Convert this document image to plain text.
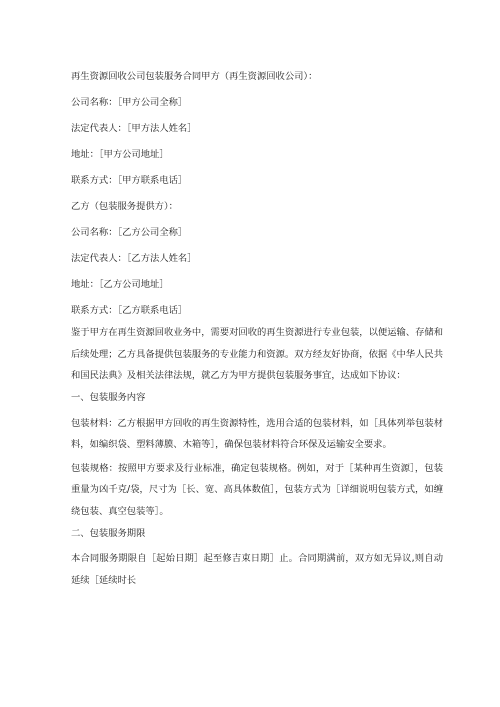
再生资源回收公司包装服务合同甲方（再生资源回收公司）：

公司名称：［甲方公司全称］

法定代表人：［甲方法人姓名］

地址：［甲方公司地址］

联系方式：［甲方联系电话］

乙方（包装服务提供方）：

公司名称：［乙方公司全称］

法定代表人：［乙方法人姓名］

地址：［乙方公司地址］

联系方式：［乙方联系电话］

鉴于甲方在再生资源回收业务中，需要对回收的再生资源进行专业包装，以便运输、存储和后续处理；乙方具备提供包装服务的专业能力和资源。双方经友好协商，依据《中华人民共和国民法典》及相关法律法规，就乙方为甲方提供包装服务事宜，达成如下协议：

一、包装服务内容

包装材料：乙方根据甲方回收的再生资源特性，选用合适的包装材料，如［具体列举包装材料，如编织袋、塑料薄膜、木箱等］，确保包装材料符合环保及运输安全要求。

包装规格：按照甲方要求及行业标准，确定包装规格。例如，对于［某种再生资源］，包装重量为凶千克/袋，尺寸为［长、宽、高具体数值］，包装方式为［详细说明包装方式，如缠绕包装、真空包装等］。

二、包装服务期限

本合同服务期限自［起始日期］起至修吉束日期］止。合同期满前，双方如无异议,则自动延续［延续时长
